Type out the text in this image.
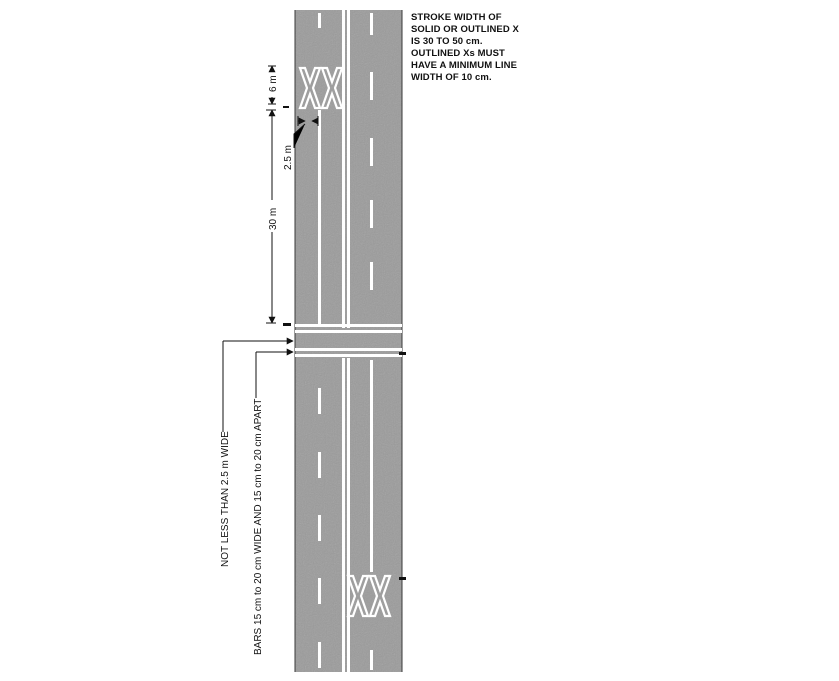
6 m
30 m
2.5 m
NOT LESS THAN 2.5 m WIDE BARS 15 cm to 20 cm WIDE AND 15 cm to 20 cm APART
STROKE WIDTH OF
SOLID OR OUTLINED X
IS 30 TO 50 cm.
OUTLINED Xs MUST
HAVE A MINIMUM LINE
WIDTH OF 10 cm.
